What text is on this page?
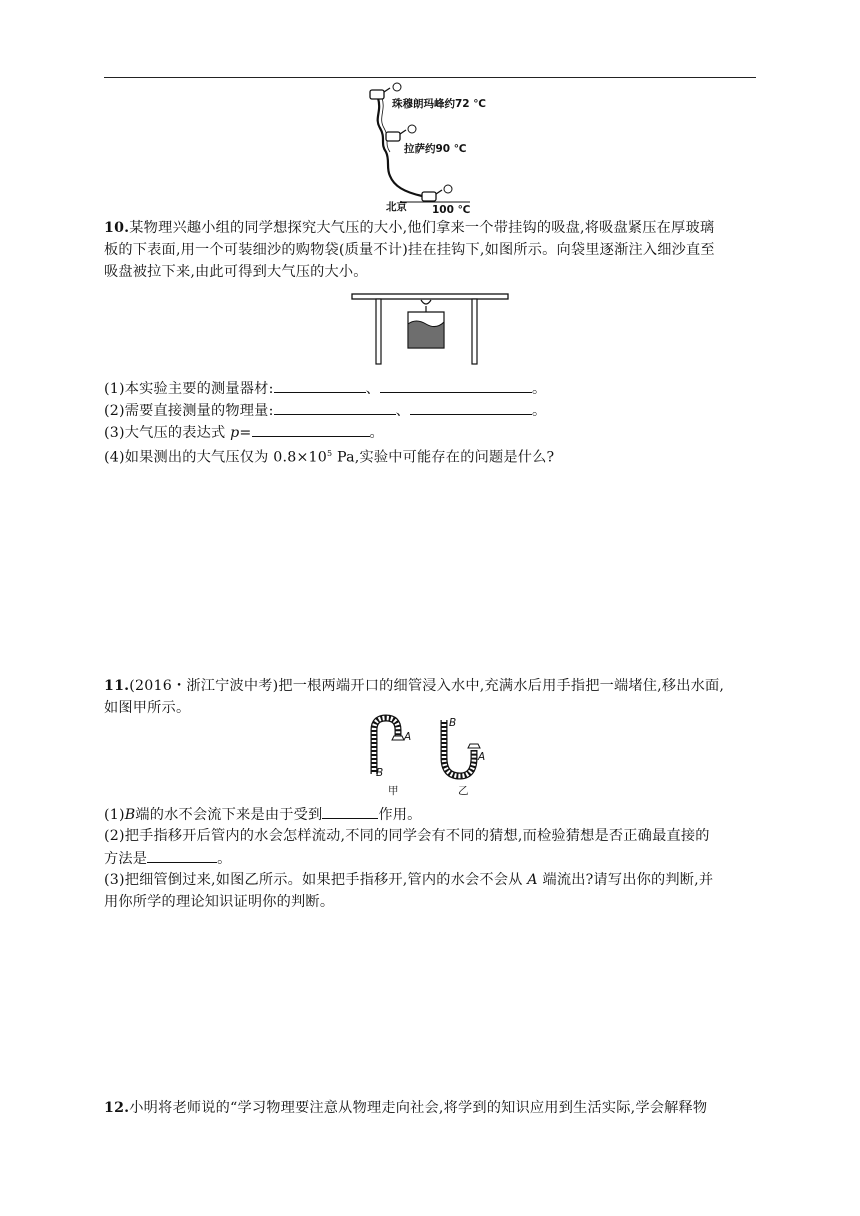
珠穆朗玛峰约72 ℃
拉萨约90 ℃
北京 100 ℃
10.某物理兴趣小组的同学想探究大气压的大小,他们拿来一个带挂钩的吸盘,将吸盘紧压在厚玻璃
板的下表面,用一个可装细沙的购物袋(质量不计)挂在挂钩下,如图所示。向袋里逐渐注入细沙直至
吸盘被拉下来,由此可得到大气压的大小。
(1)本实验主要的测量器材:	、	。
(2)需要直接测量的物理量:	、	。
(3)大气压的表达式 p=	。
(4)如果测出的大气压仅为 $0.8\times 10^5$ Pa,实验中可能存在的问题是什么?
11.(2016・浙江宁波中考)把一根两端开口的细管浸入水中,充满水后用手指把一端堵住,移出水面,
如图甲所示。
A
B
甲
B
A
乙
(1)B端的水不会流下来是由于受到	作用。
(2)把手指移开后管内的水会怎样流动,不同的同学会有不同的猜想,而检验猜想是否正确最直接的
方法是	。
(3)把细管倒过来,如图乙所示。如果把手指移开,管内的水会不会从 A 端流出?请写出你的判断,并
用你所学的理论知识证明你的判断。
12.小明将老师说的“学习物理要注意从物理走向社会,将学到的知识应用到生活实际,学会解释物
